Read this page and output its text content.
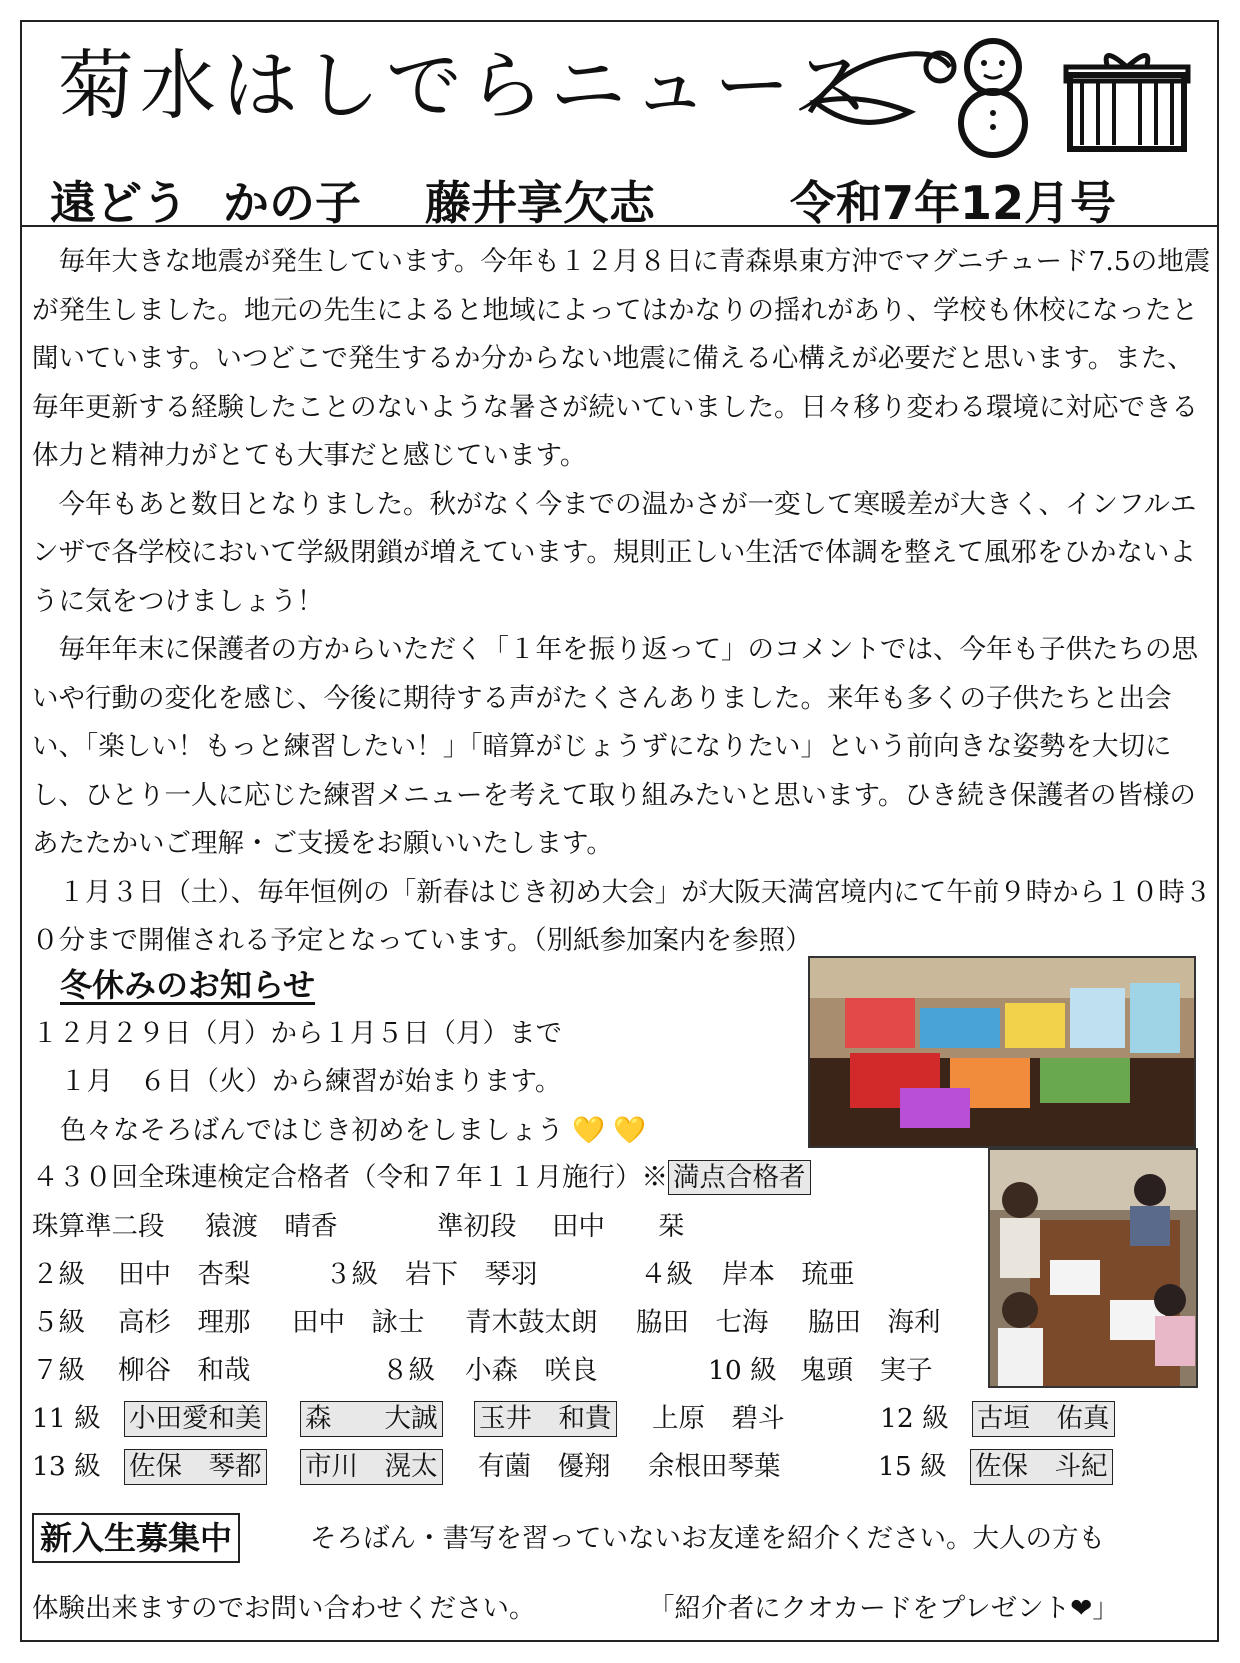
菊水はしでらニュース
遠どう かの子 藤井享欠志	令和7年12月号

毎年大きな地震が発生しています。今年も１２月８日に青森県東方沖でマグニチュード7.5の地震が発生しました。地元の先生によると地域によってはかなりの揺れがあり、学校も休校になったと聞いています。いつどこで発生するか分からない地震に備える心構えが必要だと思います。また、毎年更新する経験したことのないような暑さが続いていました。日々移り変わる環境に対応できる体力と精神力がとても大事だと感じています。

今年もあと数日となりました。秋がなく今までの温かさが一変して寒暖差が大きく、インフルエンザで各学校において学級閉鎖が増えています。規則正しい生活で体調を整えて風邪をひかないように気をつけましょう！

毎年年末に保護者の方からいただく「１年を振り返って」のコメントでは、今年も子供たちの思いや行動の変化を感じ、今後に期待する声がたくさんありました。来年も多くの子供たちと出会い、「楽しい！もっと練習したい！」「暗算がじょうずになりたい」という前向きな姿勢を大切にし、ひとり一人に応じた練習メニューを考えて取り組みたいと思います。ひき続き保護者の皆様のあたたかいご理解・ご支援をお願いいたします。

１月３日（土）、毎年恒例の「新春はじき初め大会」が大阪天満宮境内にて午前９時から１０時３０分まで開催される予定となっています。（別紙参加案内を参照）

冬休みのお知らせ
１２月２９日（月）から１月５日（月）まで
１月　６日（火）から練習が始まります。
色々なそろばんではじき初めをしましょう 💛 💛
４３０回全珠連検定合格者（令和７年１１月施行）※ 満点合格者
珠算準二段 猿渡　晴香	準初段 田中　　栞
２級 田中　杏梨	３級 岩下　琴羽	４級 岸本　琉亜
５級 高杉　理那 田中　詠士 青木鼓太朗 脇田　七海 脇田　海利
７級 柳谷　和哉	８級 小森　咲良	10 級 鬼頭　実子
11 級 小田愛和美 森　　大誠 玉井　和貴 上原　碧斗	12 級 古垣　佑真
13 級 佐保　琴都 市川　滉太 有薗　優翔 余根田琴葉	15 級 佐保　斗紀
新入生募集中	そろばん・書写を習っていないお友達を紹介ください。大人の方も
体験出来ますのでお問い合わせください。	「紹介者にクオカードをプレゼント❤」
